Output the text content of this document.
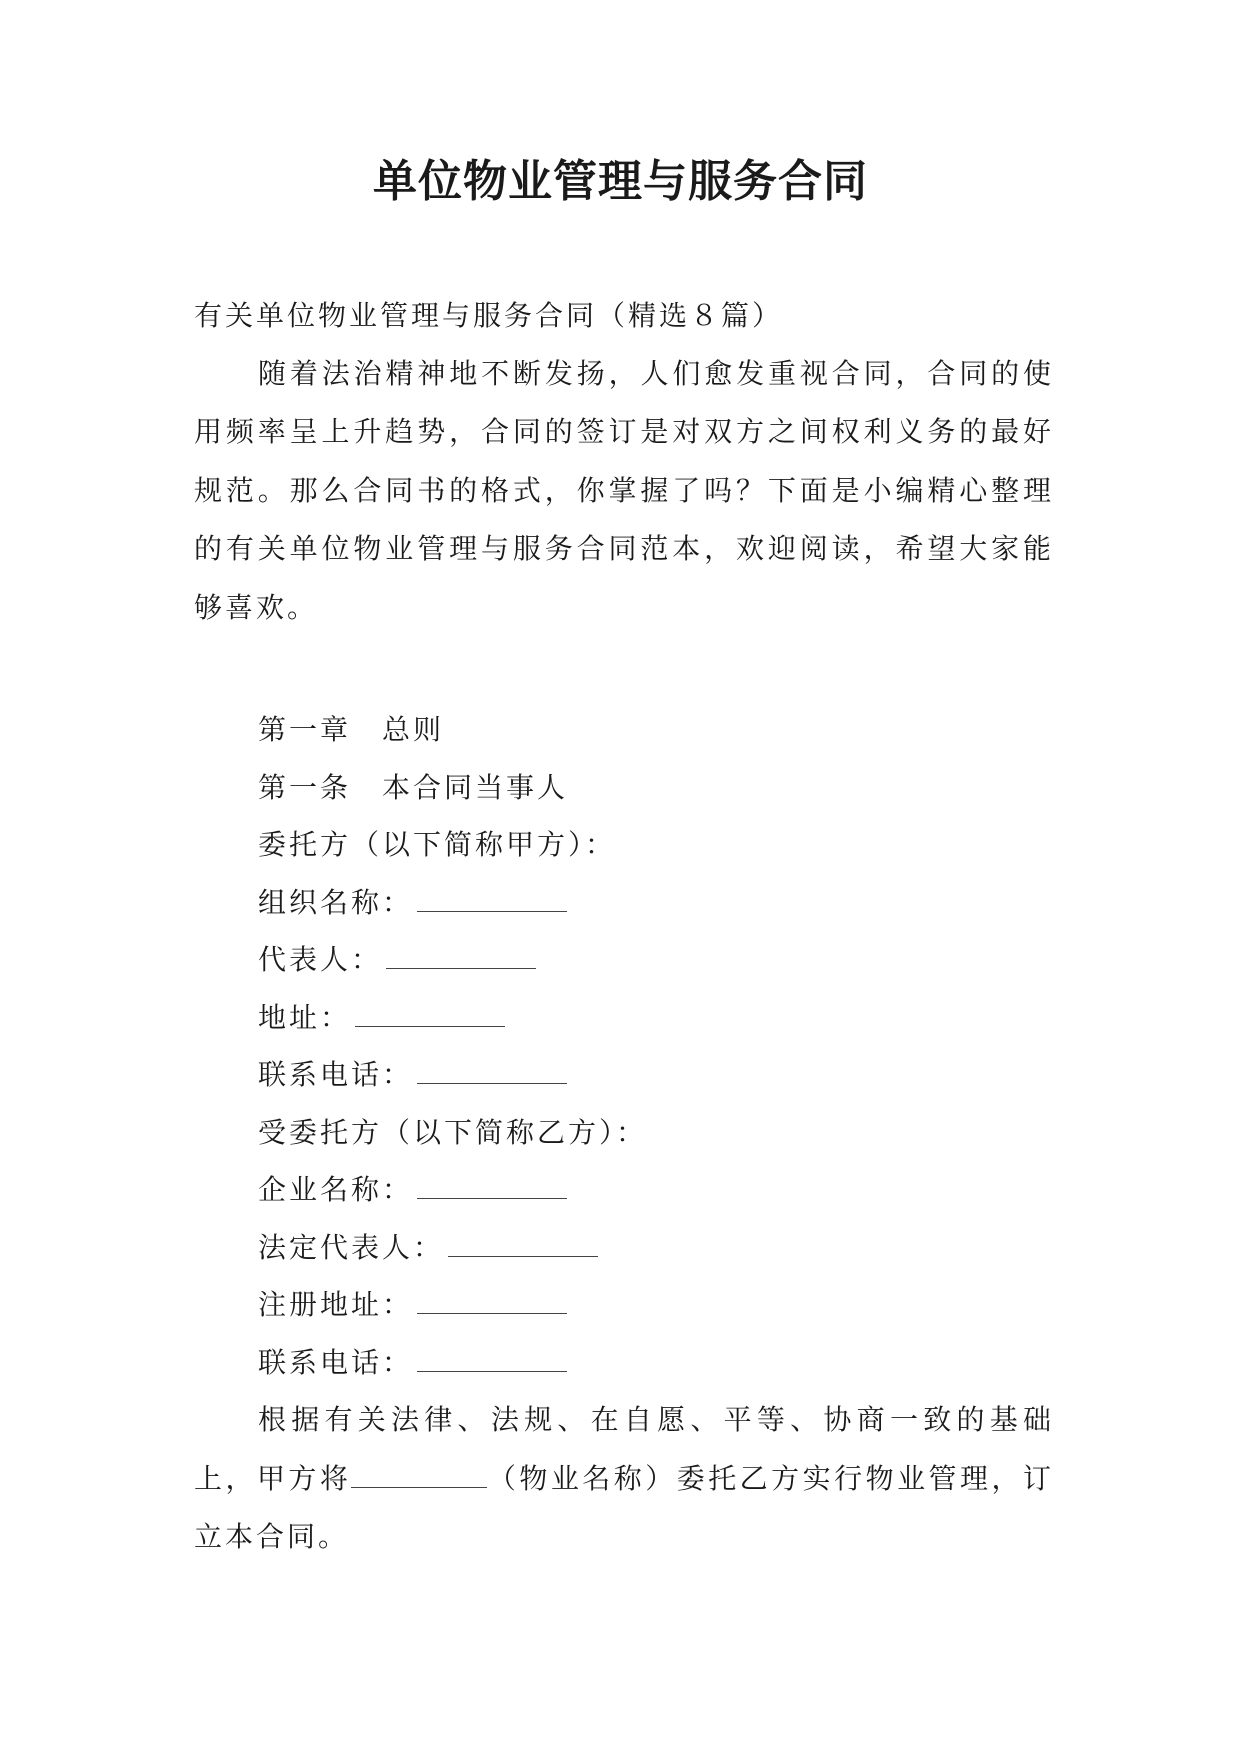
单位物业管理与服务合同
有关单位物业管理与服务合同（精选８篇）
随着法治精神地不断发扬，人们愈发重视合同，合同的使用频率呈上升趋势，合同的签订是对双方之间权利义务的最好规范。那么合同书的格式，你掌握了吗？下面是小编精心整理的有关单位物业管理与服务合同范本，欢迎阅读，希望大家能够喜欢。
第一章　总则
第一条　本合同当事人
委托方（以下简称甲方）：
组织名称：
代表人：
地址：
联系电话：
受委托方（以下简称乙方）：
企业名称：
法定代表人：
注册地址：
联系电话：
根据有关法律、法规、在自愿、平等、协商一致的基础上，甲方将	（物业名称）委托乙方实行物业管理，订立本合同。
